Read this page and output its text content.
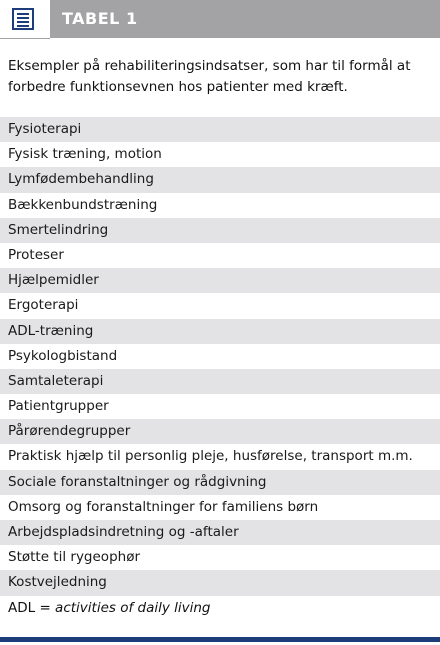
TABEL 1
Eksempler på rehabiliteringsindsatser, som har til formål at forbedre funktionsevnen hos patienter med kræft.
Fysioterapi
Fysisk træning, motion
Lymfødembehandling
Bækkenbundstræning
Smertelindring
Proteser
Hjælpemidler
Ergoterapi
ADL-træning
Psykologbistand
Samtaleterapi
Patientgrupper
Pårørendegrupper
Praktisk hjælp til personlig pleje, husførelse, transport m.m.
Sociale foranstaltninger og rådgivning
Omsorg og foranstaltninger for familiens børn
Arbejdspladsindretning og -aftaler
Støtte til rygeophør
Kostvejledning
ADL = activities of daily living
